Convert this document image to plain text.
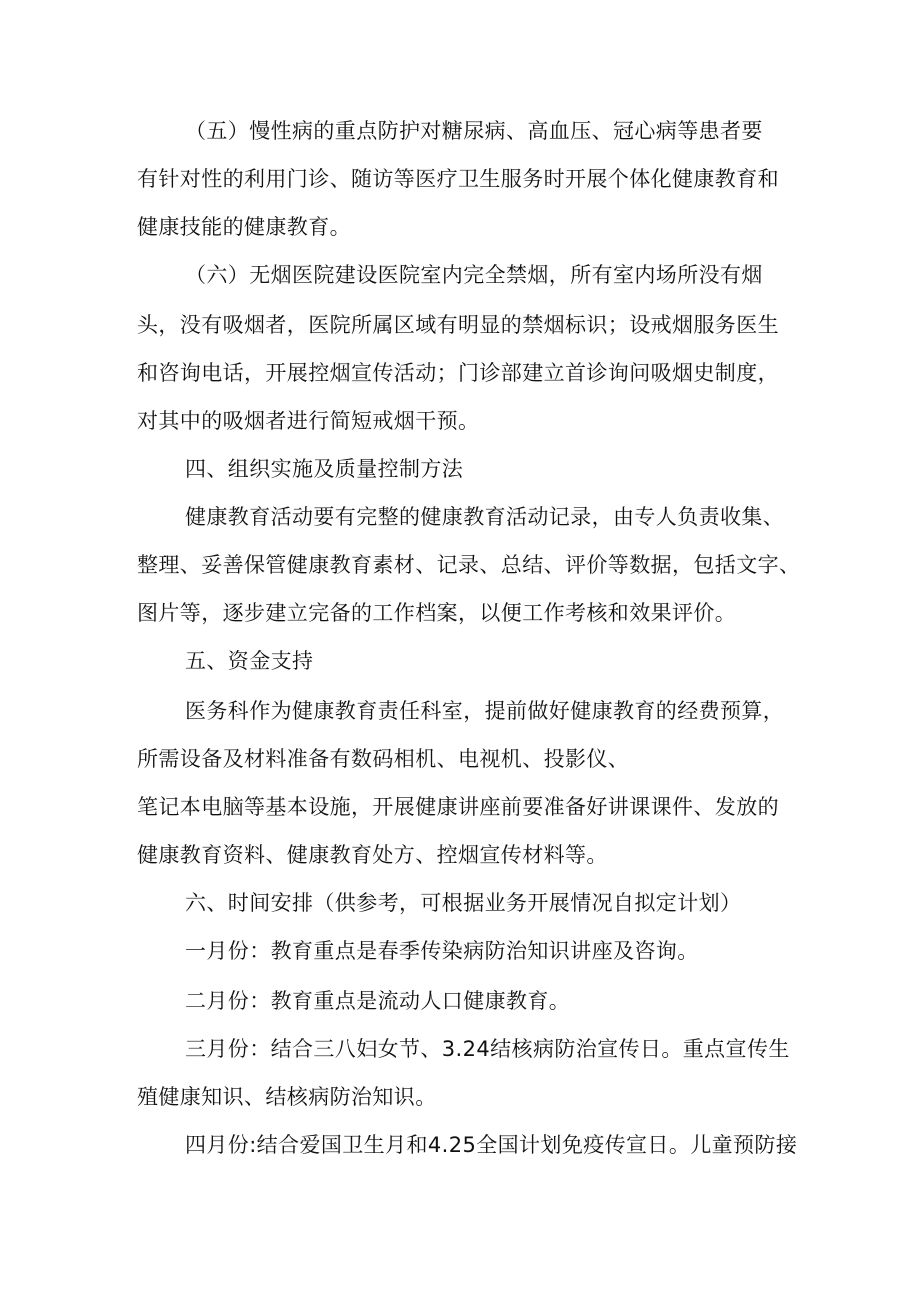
（五）慢性病的重点防护对糖尿病、高血压、冠心病等患者要
有针对性的利用门诊、随访等医疗卫生服务时开展个体化健康教育和
健康技能的健康教育。
（六）无烟医院建设医院室内完全禁烟，所有室内场所没有烟
头，没有吸烟者，医院所属区域有明显的禁烟标识；设戒烟服务医生
和咨询电话，开展控烟宣传活动；门诊部建立首诊询问吸烟史制度，
对其中的吸烟者进行简短戒烟干预。
四、组织实施及质量控制方法
健康教育活动要有完整的健康教育活动记录，由专人负责收集、
整理、妥善保管健康教育素材、记录、总结、评价等数据，包括文字、
图片等，逐步建立完备的工作档案，以便工作考核和效果评价。
五、资金支持
医务科作为健康教育责任科室，提前做好健康教育的经费预算，
所需设备及材料准备有数码相机、电视机、投影仪、
笔记本电脑等基本设施，开展健康讲座前要准备好讲课课件、发放的
健康教育资料、健康教育处方、控烟宣传材料等。
六、时间安排（供参考，可根据业务开展情况自拟定计划）
一月份：教育重点是春季传染病防治知识讲座及咨询。
二月份：教育重点是流动人口健康教育。
三月份：结合三八妇女节、3.24结核病防治宣传日。重点宣传生
殖健康知识、结核病防治知识。
四月份:结合爱国卫生月和4.25全国计划免疫传宣日。儿童预防接
